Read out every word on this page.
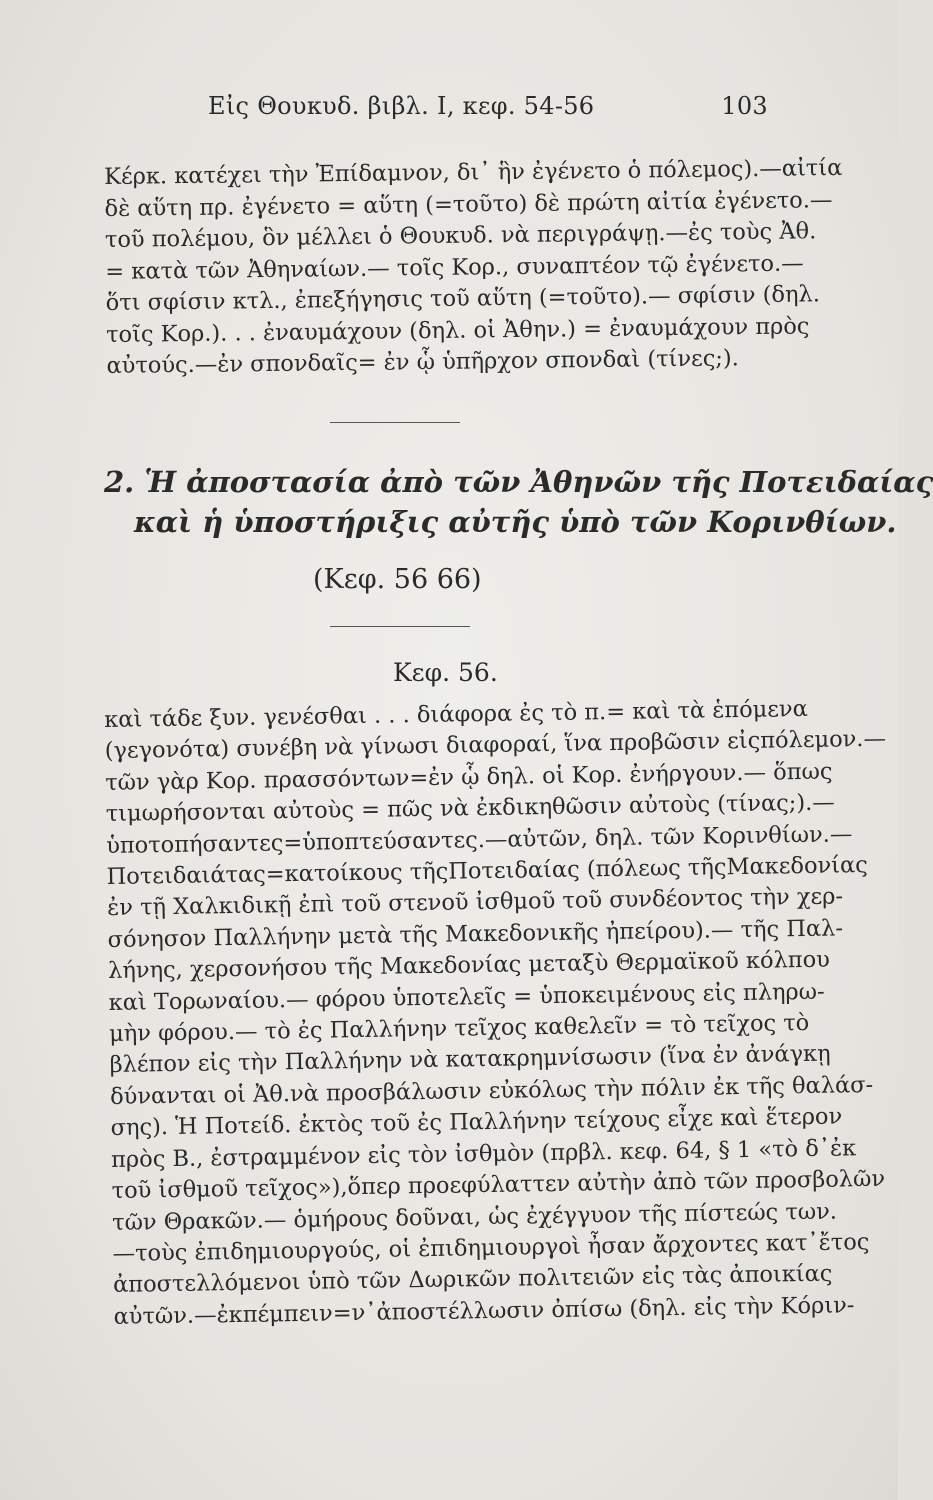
Εἰς Θουκυδ. βιβλ. Ι, κεφ. 54-56	103
Κέρκ. κατέχει τὴν Ἐπίδαμνον, δι᾽ ἣν ἐγένετο ὁ πόλεμος).—αἰτία
δὲ αὕτη πρ. ἐγένετο = αὕτη (=τοῦτο) δὲ πρώτη αἰτία ἐγένετο.—
τοῦ πολέμου, ὃν μέλλει ὁ Θουκυδ. νὰ περιγράψῃ.—ἐς τοὺς Ἀθ.
= κατὰ τῶν Ἀθηναίων.— τοῖς Κορ., συναπτέον τῷ ἐγένετο.—
ὅτι σφίσιν κτλ., ἐπεξήγησις τοῦ αὕτη (=τοῦτο).— σφίσιν (δηλ.
τοῖς Κορ.). . . ἐναυμάχουν (δηλ. οἱ Ἀθην.) = ἐναυμάχουν πρὸς
αὐτούς.—ἐν σπονδαῖς= ἐν ᾧ ὑπῆρχον σπονδαὶ (τίνες;).
2. Ἡ ἀποστασία ἀπὸ τῶν Ἀθηνῶν τῆς Ποτειδαίας
καὶ ἡ ὑποστήριξις αὐτῆς ὑπὸ τῶν Κορινθίων.
(Κεφ. 56 66)
Κεφ. 56.
καὶ τάδε ξυν. γενέσθαι . . . διάφορα ἐς τὸ π.= καὶ τὰ ἑπόμενα
(γεγονότα) συνέβη νὰ γίνωσι διαφοραί, ἵνα προβῶσιν εἰςπόλεμον.—
τῶν γὰρ Κορ. πρασσόντων=ἐν ᾧ δηλ. οἱ Κορ. ἐνήργουν.— ὅπως
τιμωρήσονται αὐτοὺς = πῶς νὰ ἐκδικηθῶσιν αὐτοὺς (τίνας;).—
ὑποτοπήσαντες=ὑποπτεύσαντες.—αὐτῶν, δηλ. τῶν Κορινθίων.—
Ποτειδαιάτας=κατοίκους τῆςΠοτειδαίας (πόλεως τῆςΜακεδονίας
ἐν τῇ Χαλκιδικῇ ἐπὶ τοῦ στενοῦ ἰσθμοῦ τοῦ συνδέοντος τὴν χερ-
σόνησον Παλλήνην μετὰ τῆς Μακεδονικῆς ἠπείρου).— τῆς Παλ-
λήνης, χερσονήσου τῆς Μακεδονίας μεταξὺ Θερμαϊκοῦ κόλπου
καὶ Τορωναίου.— φόρου ὑποτελεῖς = ὑποκειμένους εἰς πληρω-
μὴν φόρου.— τὸ ἐς Παλλήνην τεῖχος καθελεῖν = τὸ τεῖχος τὸ
βλέπον εἰς τὴν Παλλήνην νὰ κατακρημνίσωσιν (ἵνα ἐν ἀνάγκῃ
δύνανται οἱ Ἀθ.νὰ προσβάλωσιν εὐκόλως τὴν πόλιν ἐκ τῆς θαλάσ-
σης). Ἡ Ποτείδ. ἐκτὸς τοῦ ἐς Παλλήνην τείχους εἶχε καὶ ἕτερον
πρὸς Β., ἐστραμμένον εἰς τὸν ἰσθμὸν (πρβλ. κεφ. 64, § 1 «τὸ δ᾽ἐκ
τοῦ ἰσθμοῦ τεῖχος»),ὅπερ προεφύλαττεν αὐτὴν ἀπὸ τῶν προσβολῶν
τῶν Θρακῶν.— ὁμήρους δοῦναι, ὡς ἐχέγγυον τῆς πίστεώς των.
—τοὺς ἐπιδημιουργούς, οἱ ἐπιδημιουργοὶ ἦσαν ἄρχοντες κατ᾽ἔτος
ἀποστελλόμενοι ὑπὸ τῶν Δωρικῶν πολιτειῶν εἰς τὰς ἀποικίας
αὐτῶν.—ἐκπέμπειν=ν᾽ἀποστέλλωσιν ὀπίσω (δηλ. εἰς τὴν Κόριν-
